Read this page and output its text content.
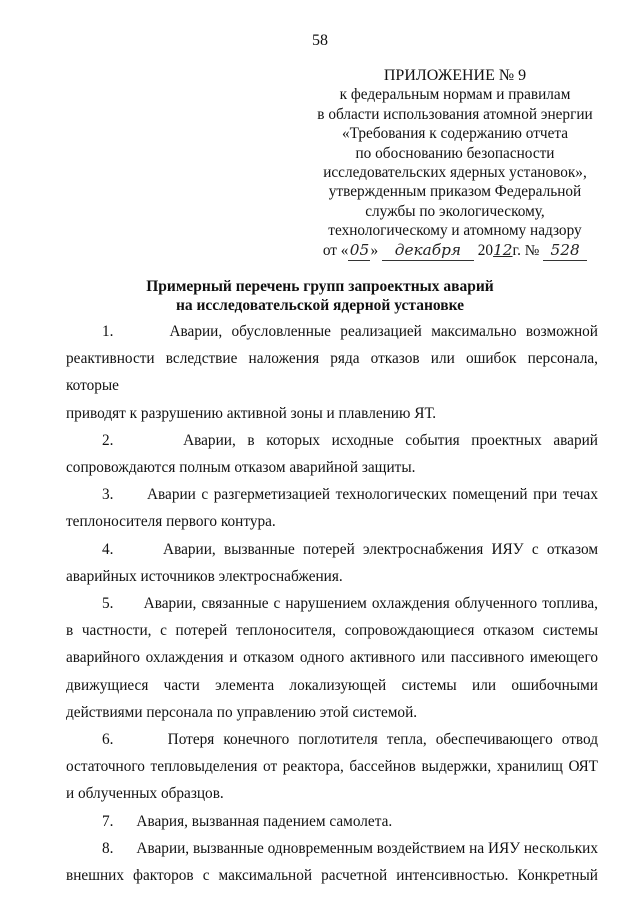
58
ПРИЛОЖЕНИЕ № 9
к федеральным нормам и правилам
в области использования атомной энергии
«Требования к содержанию отчета
по обоснованию безопасности
исследовательских ядерных установок»,
утвержденным приказом Федеральной
службы по экологическому,
технологическому и атомному надзору
от «05» декабря 2012г. № 528
Примерный перечень групп запроектных аварий
на исследовательской ядерной установке
1.      Аварии, обусловленные реализацией максимально возможной
реактивности вследствие наложения ряда отказов или ошибок персонала, которые
приводят к разрушению активной зоны и плавлению ЯТ.
2.      Аварии, в которых исходные события проектных аварий
сопровождаются полным отказом аварийной защиты.
3.      Аварии с разгерметизацией технологических помещений при течах
теплоносителя первого контура.
4.      Аварии, вызванные потерей электроснабжения ИЯУ с отказом
аварийных источников электроснабжения.
5.      Аварии, связанные с нарушением охлаждения облученного топлива,
в частности, с потерей теплоносителя, сопровождающиеся отказом системы
аварийного охлаждения и отказом одного активного или пассивного имеющего
движущиеся части элемента локализующей системы или ошибочными
действиями персонала по управлению этой системой.
6.      Потеря конечного поглотителя тепла, обеспечивающего отвод
остаточного тепловыделения от реактора, бассейнов выдержки, хранилищ ОЯТ
и облученных образцов.
7.      Авария, вызванная падением самолета.
8.      Аварии, вызванные одновременным воздействием на ИЯУ нескольких
внешних факторов с максимальной расчетной интенсивностью. Конкретный
